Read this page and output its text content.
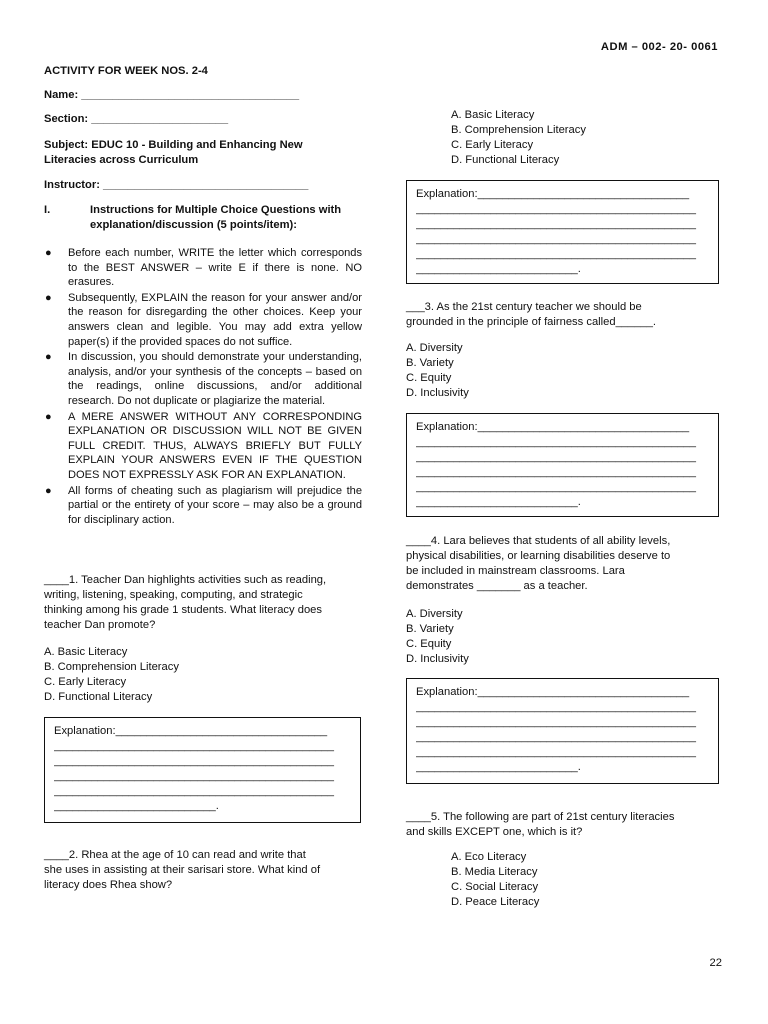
ADM – 002- 20- 0061
ACTIVITY FOR WEEK NOS. 2-4
Name: ___________________________________
Section: ______________________
Subject: EDUC 10 - Building and Enhancing New
Literacies across Curriculum
Instructor: _________________________________
I.	Instructions for Multiple Choice Questions with
explanation/discussion (5 points/item):
● Before each number, WRITE the letter which corresponds to the BEST ANSWER – write E if there is none. NO erasures.
● Subsequently, EXPLAIN the reason for your answer and/or the reason for disregarding the other choices. Keep your answers clean and legible. You may add extra yellow paper(s) if the provided spaces do not suffice.
● In discussion, you should demonstrate your understanding, analysis, and/or your synthesis of the concepts – based on the readings, online discussions, and/or additional research. Do not duplicate or plagiarize the material.
● A MERE ANSWER WITHOUT ANY CORRESPONDING EXPLANATION OR DISCUSSION WILL NOT BE GIVEN FULL CREDIT. THUS, ALWAYS BRIEFLY BUT FULLY EXPLAIN YOUR ANSWERS EVEN IF THE QUESTION DOES NOT EXPRESSLY ASK FOR AN EXPLANATION.
● All forms of cheating such as plagiarism will prejudice the partial or the entirety of your score – may also be a ground for disciplinary action.
____1. Teacher Dan highlights activities such as reading,
writing, listening, speaking, computing, and strategic
thinking among his grade 1 students. What literacy does
teacher Dan promote?
A. Basic Literacy
B. Comprehension Literacy
C. Early Literacy
D. Functional Literacy
Explanation:__________________________________
_____________________________________________
_____________________________________________
_____________________________________________
_____________________________________________
__________________________.
____2. Rhea at the age of 10 can read and write that
she uses in assisting at their sarisari store. What kind of
literacy does Rhea show?
A. Basic Literacy
B. Comprehension Literacy
C. Early Literacy
D. Functional Literacy
Explanation:__________________________________
_____________________________________________
_____________________________________________
_____________________________________________
_____________________________________________
__________________________.
___3. As the 21st century teacher we should be
grounded in the principle of fairness called______.
A. Diversity
B. Variety
C. Equity
D. Inclusivity
Explanation:__________________________________
_____________________________________________
_____________________________________________
_____________________________________________
_____________________________________________
__________________________.
____4. Lara believes that students of all ability levels,
physical disabilities, or learning disabilities deserve to
be included in mainstream classrooms. Lara
demonstrates _______ as a teacher.
A. Diversity
B. Variety
C. Equity
D. Inclusivity
Explanation:__________________________________
_____________________________________________
_____________________________________________
_____________________________________________
_____________________________________________
__________________________.
____5. The following are part of 21st century literacies
and skills EXCEPT one, which is it?
A. Eco Literacy
B. Media Literacy
C. Social Literacy
D. Peace Literacy
22
